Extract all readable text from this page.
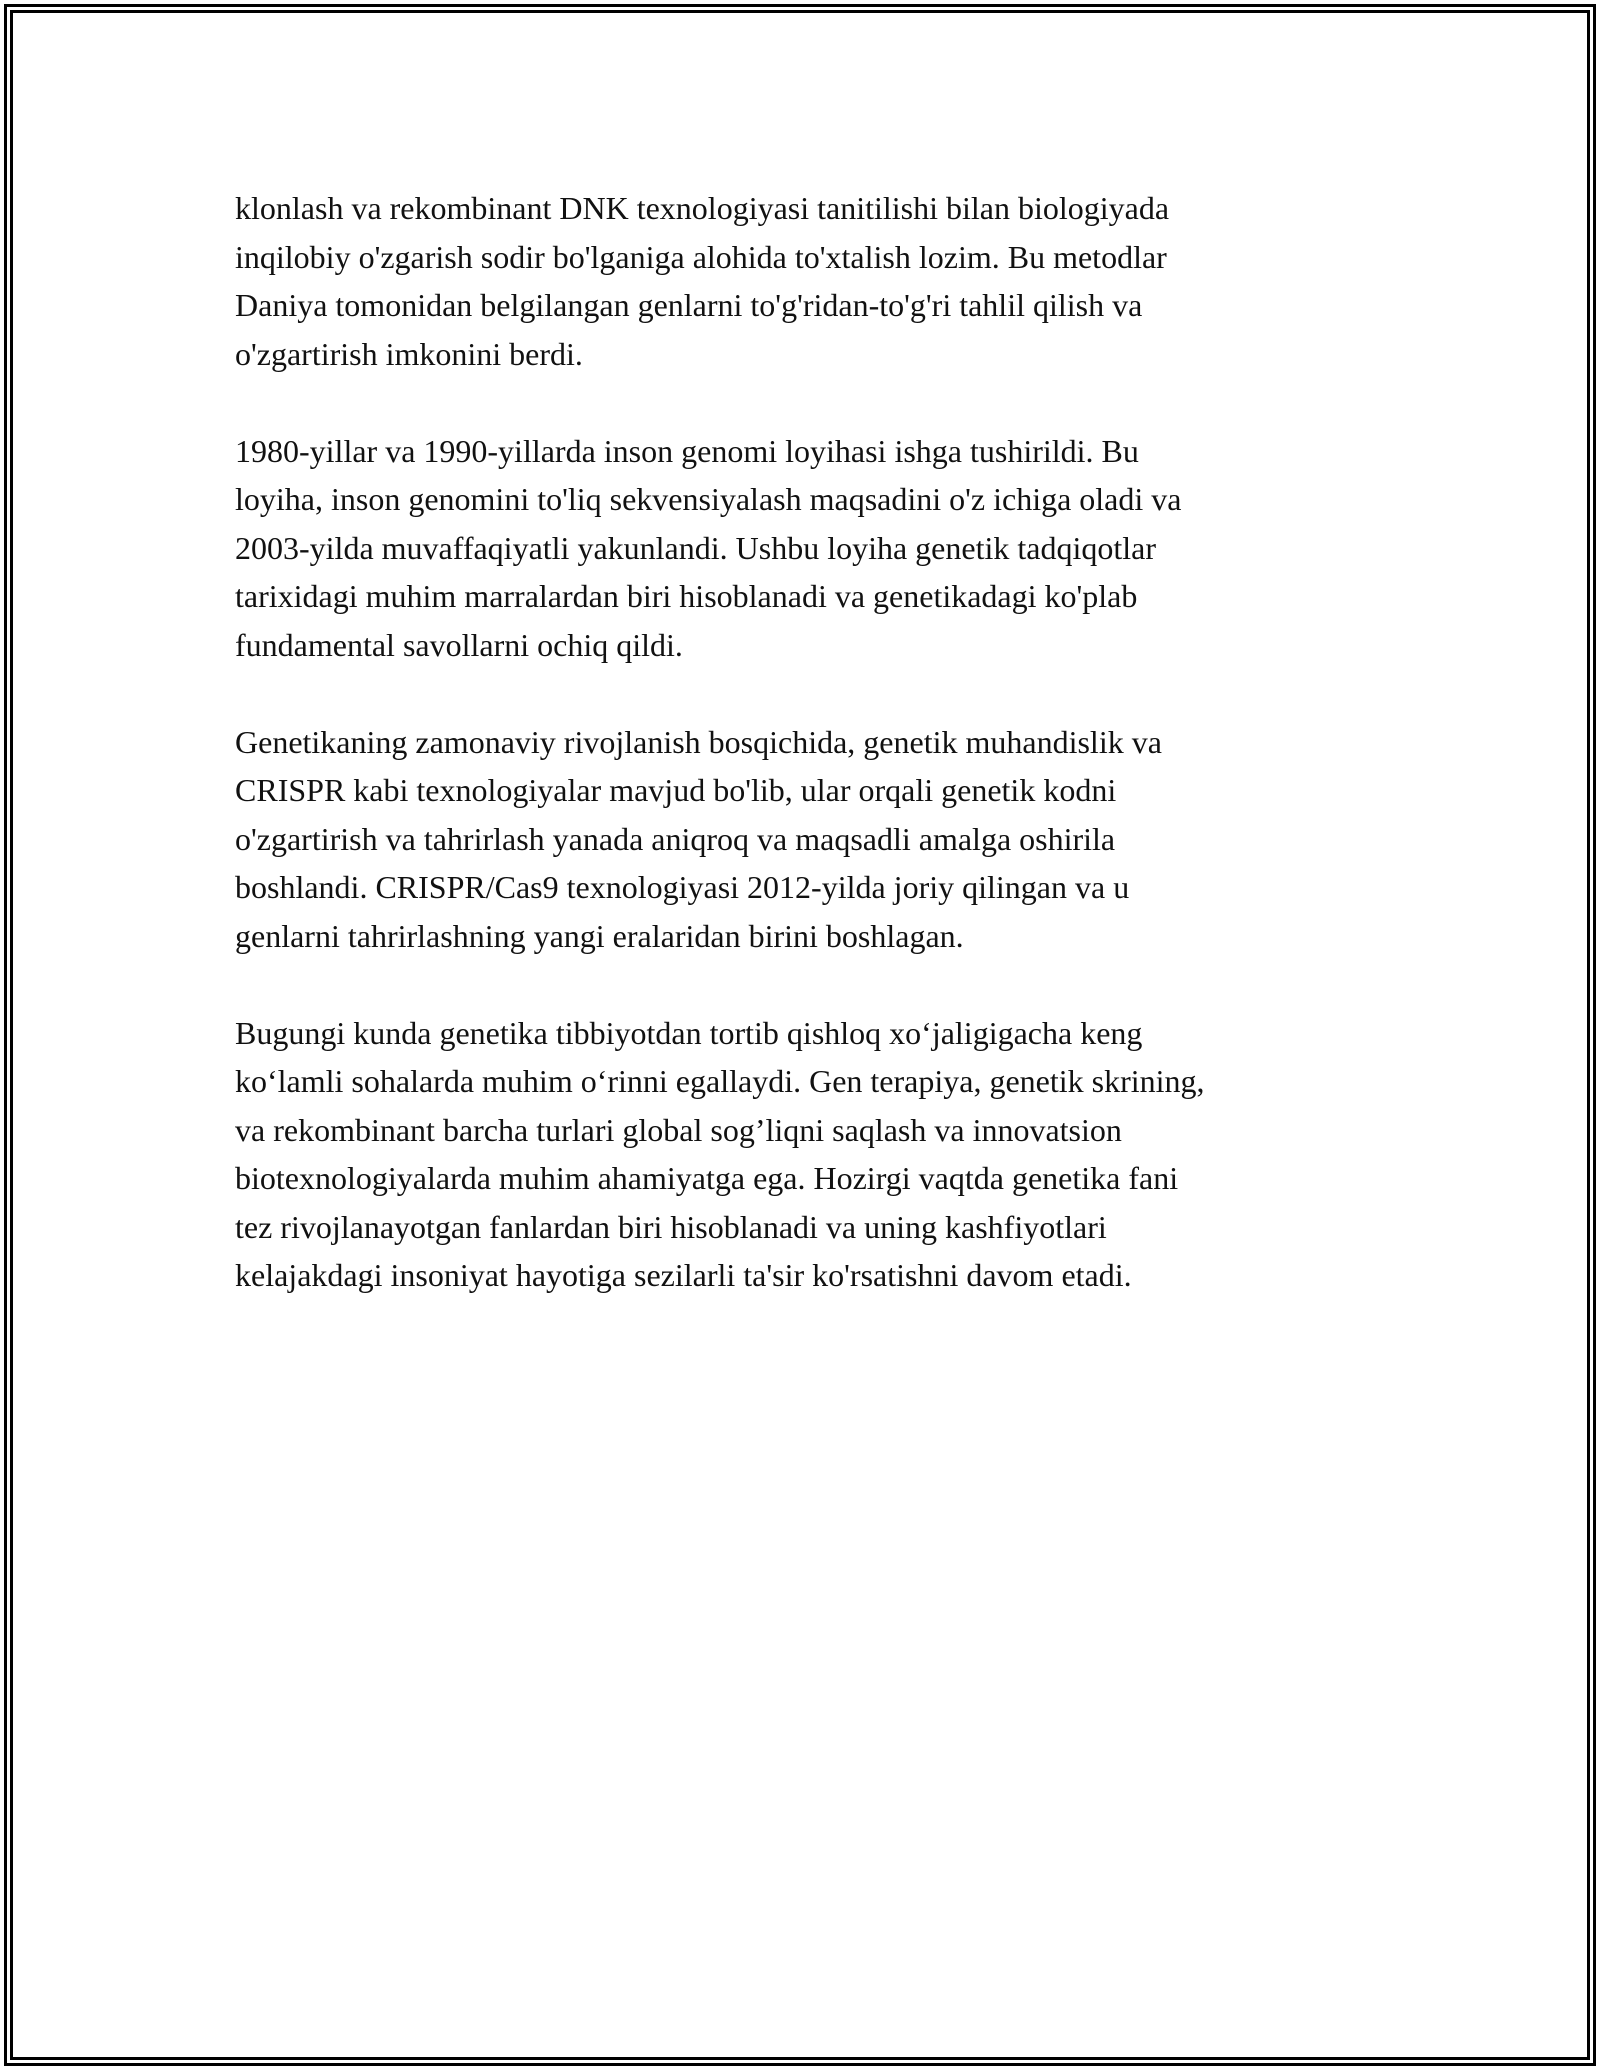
klonlash va rekombinant DNK texnologiyasi tanitilishi bilan biologiyada
inqilobiy o'zgarish sodir bo'lganiga alohida to'xtalish lozim. Bu metodlar
Daniya tomonidan belgilangan genlarni to'g'ridan-to'g'ri tahlil qilish va
o'zgartirish imkonini berdi.

1980-yillar va 1990-yillarda inson genomi loyihasi ishga tushirildi. Bu
loyiha, inson genomini to'liq sekvensiyalash maqsadini o'z ichiga oladi va
2003-yilda muvaffaqiyatli yakunlandi. Ushbu loyiha genetik tadqiqotlar
tarixidagi muhim marralardan biri hisoblanadi va genetikadagi ko'plab
fundamental savollarni ochiq qildi.

Genetikaning zamonaviy rivojlanish bosqichida, genetik muhandislik va
CRISPR kabi texnologiyalar mavjud bo'lib, ular orqali genetik kodni
o'zgartirish va tahrirlash yanada aniqroq va maqsadli amalga oshirila
boshlandi. CRISPR/Cas9 texnologiyasi 2012-yilda joriy qilingan va u
genlarni tahrirlashning yangi eralaridan birini boshlagan.

Bugungi kunda genetika tibbiyotdan tortib qishloq xo‘jaligigacha keng
ko‘lamli sohalarda muhim o‘rinni egallaydi. Gen terapiya, genetik skrining,
va rekombinant barcha turlari global sog’liqni saqlash va innovatsion
biotexnologiyalarda muhim ahamiyatga ega. Hozirgi vaqtda genetika fani
tez rivojlanayotgan fanlardan biri hisoblanadi va uning kashfiyotlari
kelajakdagi insoniyat hayotiga sezilarli ta'sir ko'rsatishni davom etadi.
